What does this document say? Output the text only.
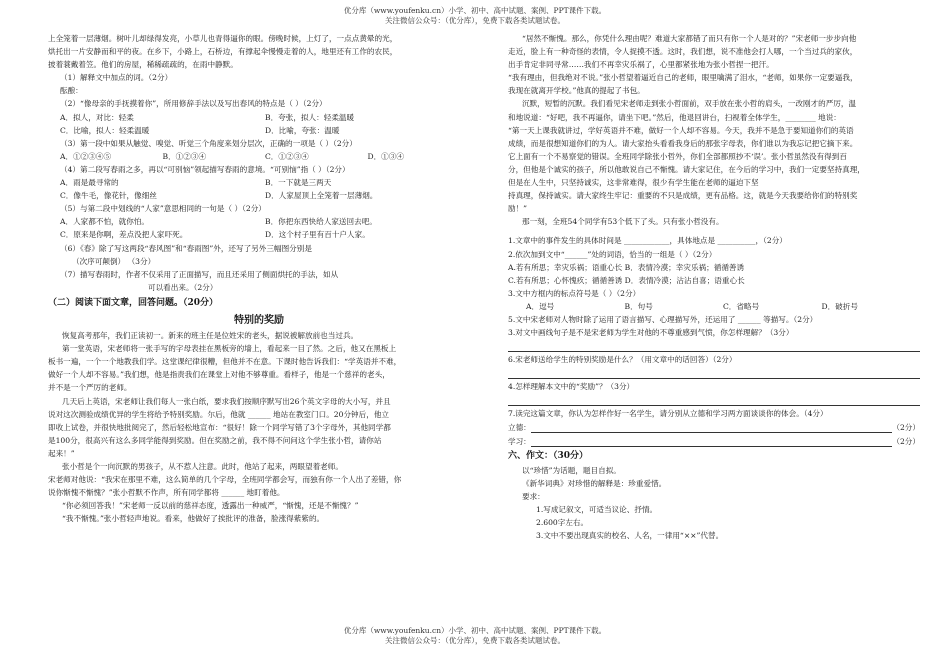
优分库（www.youfenku.cn）小学、初中、高中试题、案例、PPT课件下载。
关注微信公众号：（优分库），免费下载各类试题试卷。

上全笼着一层薄烟。树叶儿却绿得发亮，小草儿也青得逼你的眼。傍晚时候，上灯了，一点点黄晕的光，

烘托出一片安静而和平的夜。在乡下，小路上，石桥边，有撑起伞慢慢走着的人，地里还有工作的农民，

披着蓑戴着笠。他们的房屋，稀稀疏疏的，在雨中静默。

（1）解释文中加点的词。（2分）

酝酿：

（2）“像母亲的手抚摸着你”，所用修辞手法以及写出春风的特点是（ ）（2分）

A．拟人，对比：轻柔	B．夸张，拟人：轻柔温暖
C．比喻，拟人：轻柔温暖	D．比喻，夸张：温暖

（3）第一段中如果从触觉、嗅觉、听觉三个角度来划分层次，正确的一项是（ ）（2分）

A．①②③④⑤	B．①②③④	C．①②③④	D．①③④

（4）第二段写春雨之多，再以“可别恼”领起描写春雨的意境。“可别恼”指（ ）（2分）

A．雨是最寻常的	B．一下就是三两天
C．像牛毛，像花针，像细丝	D．人家屋顶上全笼着一层薄烟。

（5）与第二段中划线的“人家”意思相同的一句是（ ）（2分）

A．人家都不怕，就你怕。	B．你把东西快给人家送回去吧。
C．原来是你啊，差点没把人家吓死。	D．这个村子里有百十户人家。

（6）《春》除了写这两段“春风图”和“春雨图”外，还写了另外三幅图分别是

（次序可颠倒） （3分）

（7）描写春雨时，作者不仅采用了正面描写，而且还采用了侧面烘托的手法，如从

可以看出来。（2分）

（二）阅读下面文章，回答问题。（20分）

特别的奖励

恢复高考那年，我们正读初一。新来的班主任是位姓宋的老头，据说被解放前也当过兵。

第一堂英语，宋老师将一张手写的字母表挂在黑板旁的墙上，看起来一目了然。之后，他又在黑板上

板书一遍，一个一个地教我们学。这堂课纪律很糟，但他并不在意。下课时他告诉我们：“学英语并不难，

做好一个人却不容易。”我们想，他是指责我们在课堂上对他不够尊重。看样子，他是一个慈祥的老头，

并不是一个严厉的老师。

几天后上英语，宋老师让我们每人一张白纸，要求我们按顺序默写出26个英文字母的大小写，并且

说对这次测验成绩优异的学生将给予特别奖励。尔后，他就 ______ 地站在教室门口。20分钟后，他立

即收上试卷，并很快地批阅完了，然后轻松地宣布：“很好！除一个同学写错了3个字母外，其他同学都

是100分，很高兴有这么多同学能得到奖励。但在奖励之前，我不得不问问这个学生张小哲，请你站

起来！”

张小哲是个一向沉默的男孩子，从不惹人注意。此时，他站了起来，两眼望着老师。

宋老师对他说：“我宋在那里不难，这么简单的几个字母，全班同学都会写，而独有你一个人出了差错，你

说你惭愧不惭愧？”张小哲默不作声，所有同学都将 ______ 地盯着他。

“你必须回答我！”宋老师一反以前的慈祥态度，透露出一种威严，“惭愧，还是不惭愧？”

“我不惭愧。”张小哲轻声地说。看来，他做好了挨批评的准备，脸涨得紫紫的。

“居然不惭愧。那么，你凭什么理由呢？难道大家都错了而只有你一个人是对的？”宋老师一步步向他

走近，脸上有一种奇怪的表情，令人捉摸不透。这时，我们想，说不准他会打人哪，一个当过兵的家伙，

出手肯定非同寻常……我们不再幸灾乐祸了，心里都紧张地为张小哲捏一把汗。

“我有理由，但我绝对不说。”张小哲望着逼近自己的老师，眼里噙满了泪水，“老师，如果你一定要逼我，

我现在就离开学校。”他真的提起了书包。

沉默，短暂的沉默。我们看见宋老师走到张小哲面前，双手放在张小哲的肩头，一改刚才的严厉，温

和地说道：“好吧，我不再逼你，请坐下吧。”然后，他退回讲台，扫视着全体学生，________ 地说：

“第一天上课我就讲过，学好英语并不难，做好一个人却不容易。今天，我并不是急于要知道你们的英语

成绩，而是很想知道你们的为人。请大家抬头看看我身后的那张字母表，你们谁以为我忘记把它摘下来。

它上面有一个不易察觉的错误。全班同学除张小哲外，你们全部都照抄不‘误’。张小哲虽然没有得到百

分，但他是个诚实的孩子，所以他敢说自己不惭愧。请大家记住，在今后的学习中，我们一定要坚持真理，

但是在人生中，只坚持诚实，这非常难得，很少有学生能在老师的逼迫下坚

持真理，保持诚实。请大家终生牢记：重要的不只是成绩，更有品格。这，就是今天我要给你们的特别奖

励！”

那一刻，全班54个同学有53个低下了头。只有张小哲没有。

1.文章中的事件发生的具体时间是 ____________，具体地点是 __________，（2分）

2.依次加到文中“______”处的词语，恰当的一组是（ ）（2分）

A.若有所思；幸灾乐祸；语重心长 B．表情冷漠；幸灾乐祸；循循善诱

C.若有所思；心怀愧疚；循循善诱 D．表情冷漠；沾沾自喜；语重心长

3.文中方框内的标点符号是（ ）（2分）

A．逗号	B．句号	C．省略号	D．破折号

5.文中宋老师对人物时除了运用了语言描写、心理描写外，还运用了 ______ 等描写。（2分）

3.对文中画线句子是不是宋老师为学生对他的不尊重感到气愤，你怎样理解？（3分）

6.宋老师送给学生的特别奖励是什么？（用文章中的话回答）（2分）

4.怎样理解本文中的“奖励”？（3分）

7.读完这篇文章，你认为怎样作好一名学生，请分别从立德和学习两方面谈谈你的体会。（4分）

立德：	（2分）
学习：	（2分）

六、作文：（30分）

以“珍惜”为话题，题目自拟。

《新华词典》对珍惜的解释是：珍重爱惜。

要求：

1.写成记叙文，可适当议论、抒情。

2.600字左右。

3.文中不要出现真实的校名、人名，一律用“××”代替。

优分库（www.youfenku.cn）小学、初中、高中试题、案例、PPT课件下载。
关注微信公众号：（优分库），免费下载各类试题试卷。
